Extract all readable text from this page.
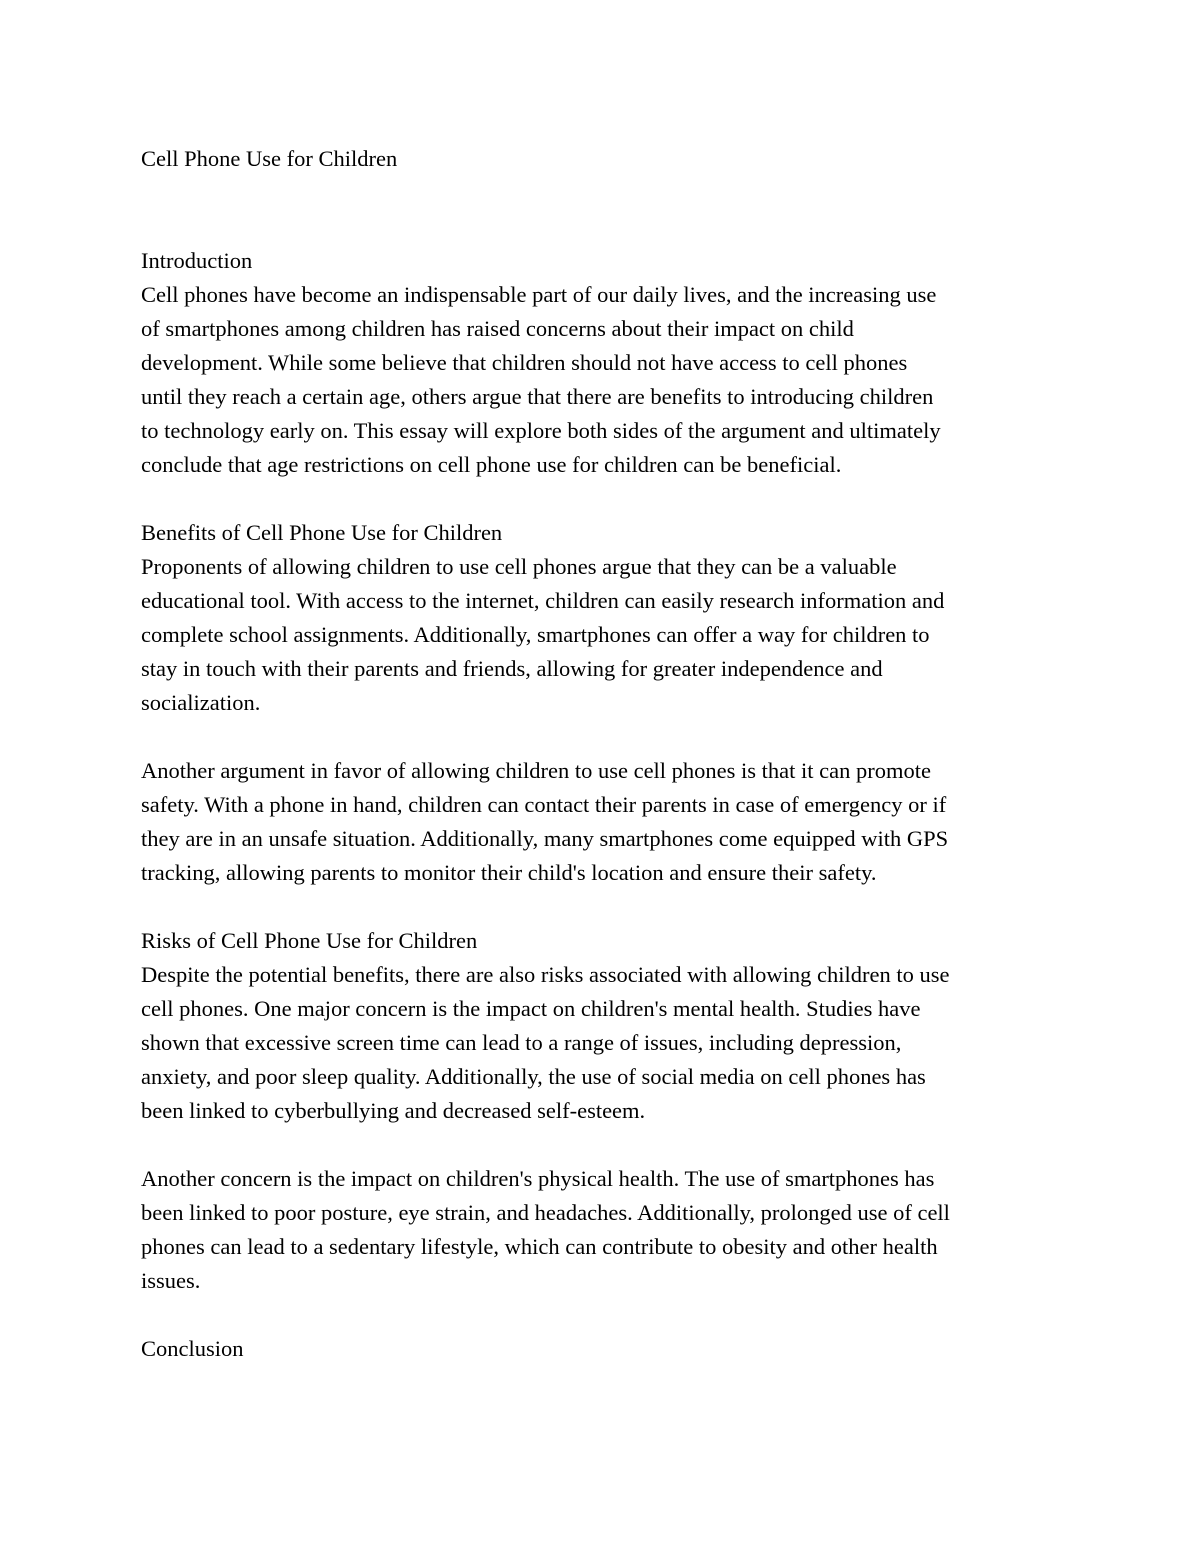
Cell Phone Use for Children

Introduction

Cell phones have become an indispensable part of our daily lives, and the increasing use

of smartphones among children has raised concerns about their impact on child

development. While some believe that children should not have access to cell phones

until they reach a certain age, others argue that there are benefits to introducing children

to technology early on. This essay will explore both sides of the argument and ultimately

conclude that age restrictions on cell phone use for children can be beneficial.

Benefits of Cell Phone Use for Children

Proponents of allowing children to use cell phones argue that they can be a valuable

educational tool. With access to the internet, children can easily research information and

complete school assignments. Additionally, smartphones can offer a way for children to

stay in touch with their parents and friends, allowing for greater independence and

socialization.

Another argument in favor of allowing children to use cell phones is that it can promote

safety. With a phone in hand, children can contact their parents in case of emergency or if

they are in an unsafe situation. Additionally, many smartphones come equipped with GPS

tracking, allowing parents to monitor their child's location and ensure their safety.

Risks of Cell Phone Use for Children

Despite the potential benefits, there are also risks associated with allowing children to use

cell phones. One major concern is the impact on children's mental health. Studies have

shown that excessive screen time can lead to a range of issues, including depression,

anxiety, and poor sleep quality. Additionally, the use of social media on cell phones has

been linked to cyberbullying and decreased self-esteem.

Another concern is the impact on children's physical health. The use of smartphones has

been linked to poor posture, eye strain, and headaches. Additionally, prolonged use of cell

phones can lead to a sedentary lifestyle, which can contribute to obesity and other health

issues.

Conclusion
